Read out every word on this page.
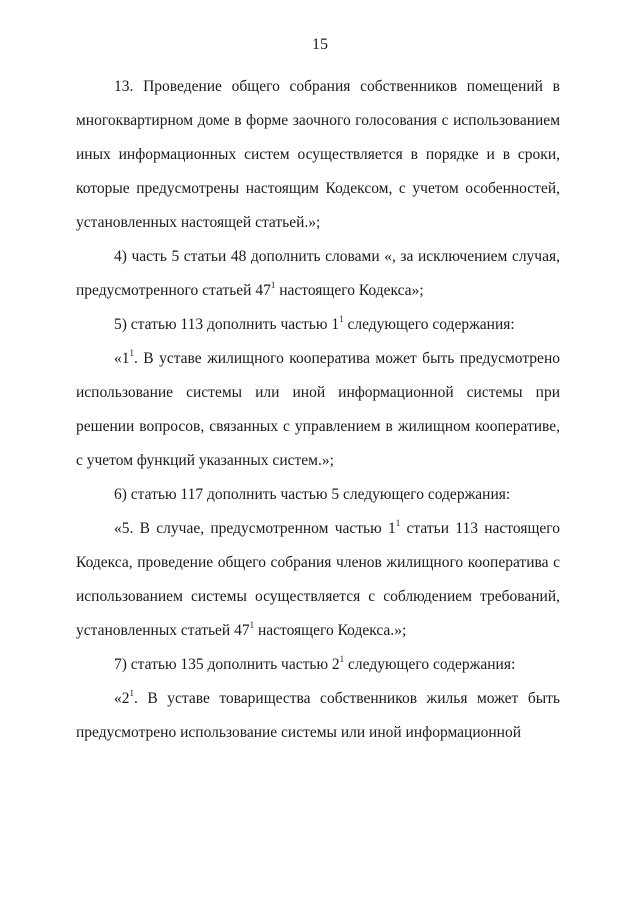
15

13. Проведение общего собрания собственников помещений в многоквартирном доме в форме заочного голосования с использованием иных информационных систем осуществляется в порядке и в сроки, которые предусмотрены настоящим Кодексом, с учетом особенностей, установленных настоящей статьей.»;

4) часть 5 статьи 48 дополнить словами «, за исключением случая, предусмотренного статьей $47^1$ настоящего Кодекса»;

5) статью 113 дополнить частью $1^1$ следующего содержания:

«$1^1$. В уставе жилищного кооператива может быть предусмотрено использование системы или иной информационной системы при решении вопросов, связанных с управлением в жилищном кооперативе, с учетом функций указанных систем.»;

6) статью 117 дополнить частью 5 следующего содержания:

«5. В случае, предусмотренном частью $1^1$ статьи 113 настоящего Кодекса, проведение общего собрания членов жилищного кооператива с использованием системы осуществляется с соблюдением требований, установленных статьей $47^1$ настоящего Кодекса.»;

7) статью 135 дополнить частью $2^1$ следующего содержания:

«$2^1$. В уставе товарищества собственников жилья может быть предусмотрено использование системы или иной информационной
